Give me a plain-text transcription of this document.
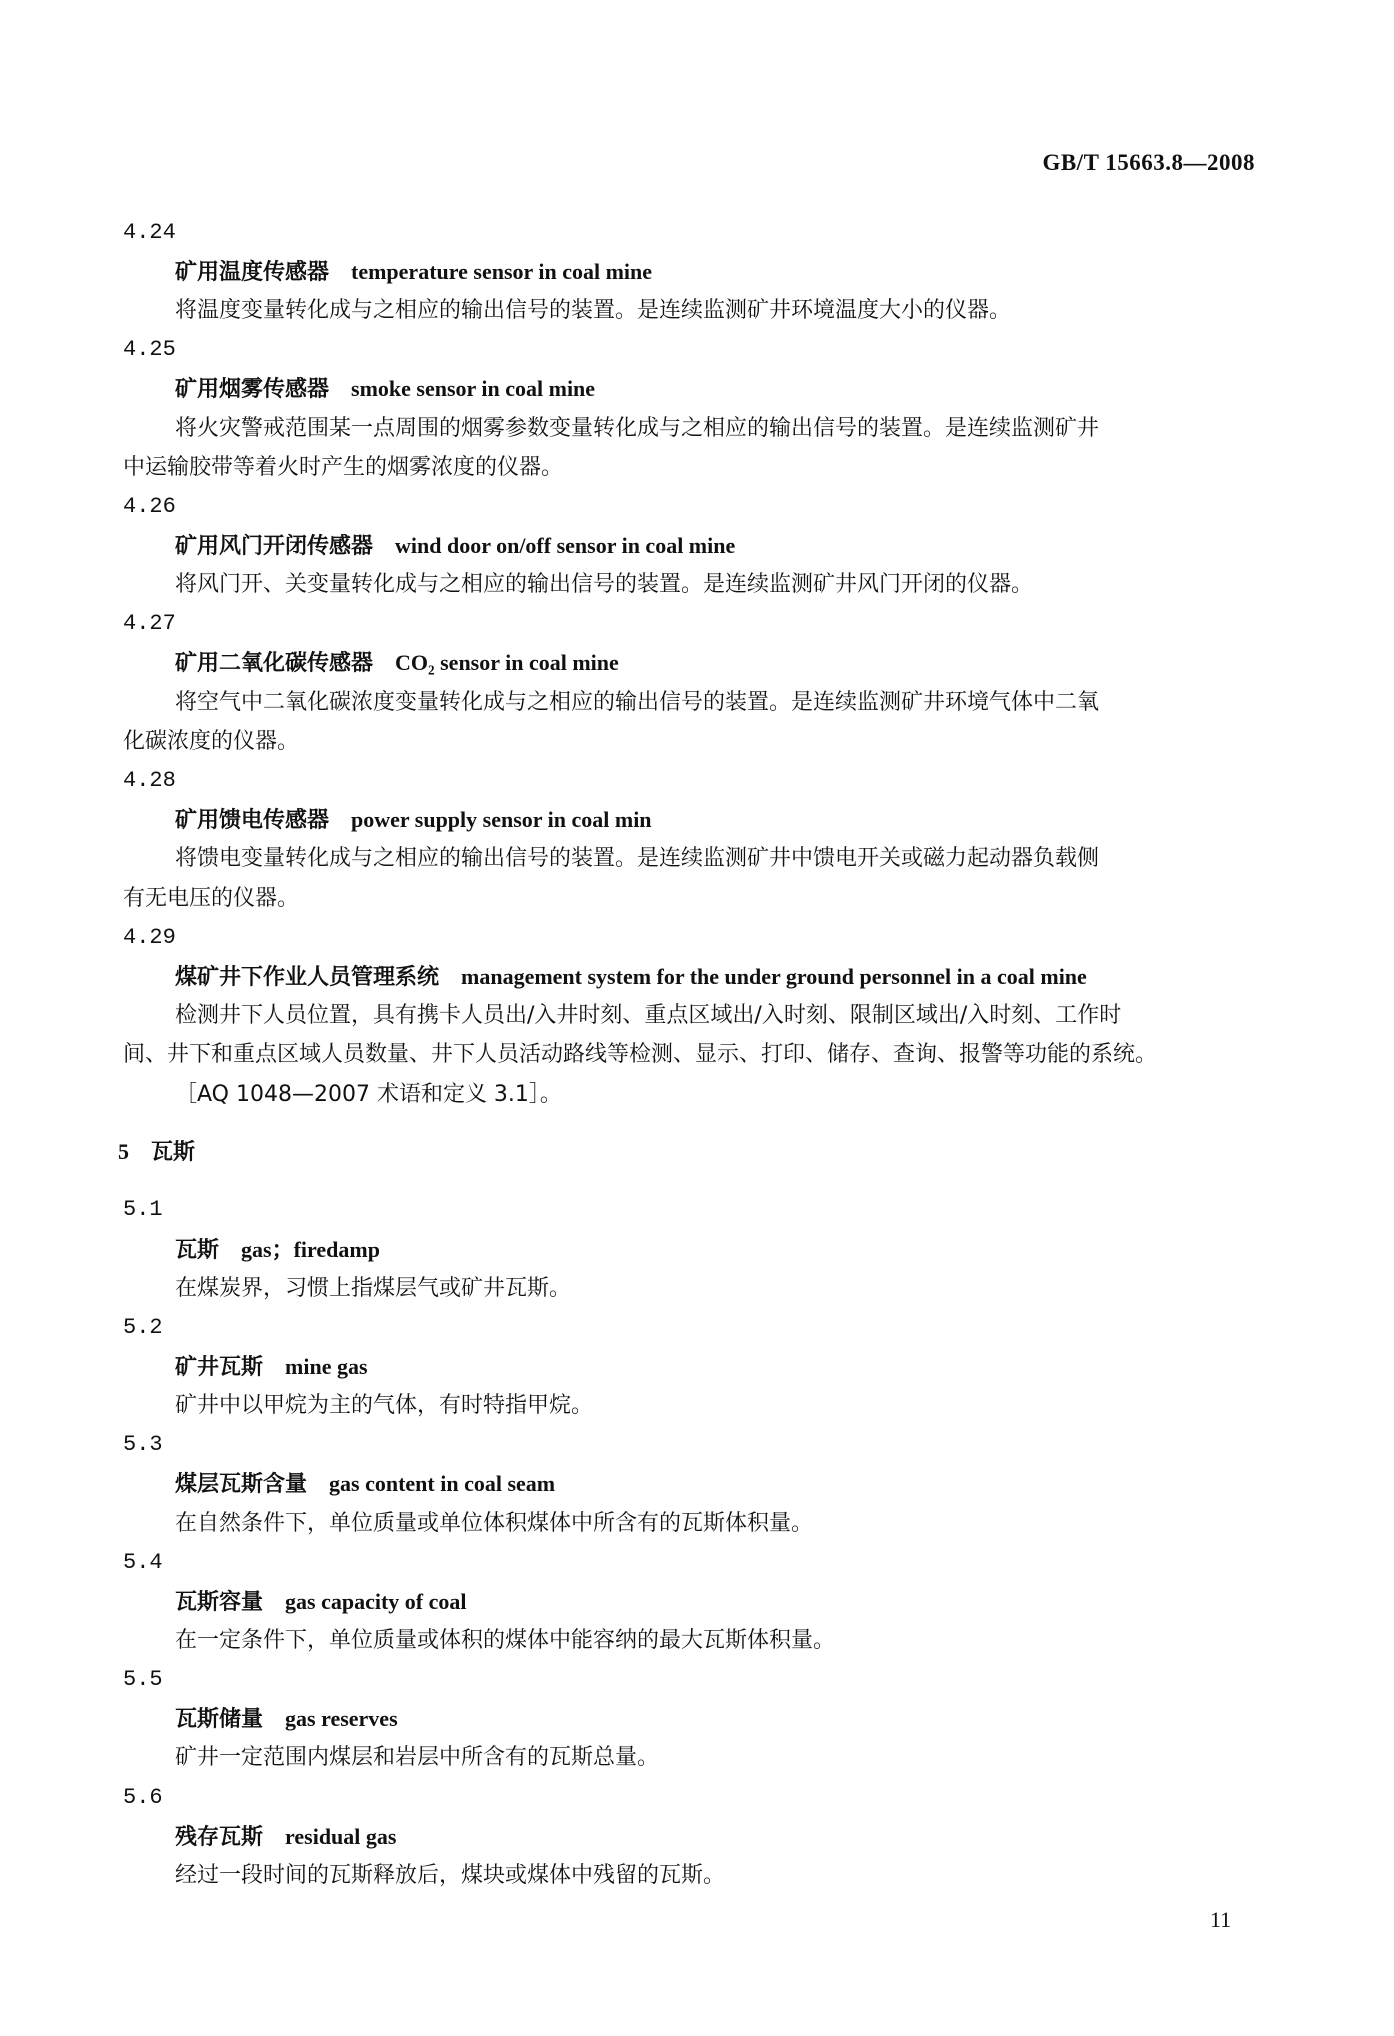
GB/T 15663.8—2008
4.24
矿用温度传感器 temperature sensor in coal mine
将温度变量转化成与之相应的输出信号的装置。是连续监测矿井环境温度大小的仪器。
4.25
矿用烟雾传感器 smoke sensor in coal mine
将火灾警戒范围某一点周围的烟雾参数变量转化成与之相应的输出信号的装置。是连续监测矿井
中运输胶带等着火时产生的烟雾浓度的仪器。
4.26
矿用风门开闭传感器 wind door on/off sensor in coal mine
将风门开、关变量转化成与之相应的输出信号的装置。是连续监测矿井风门开闭的仪器。
4.27
矿用二氧化碳传感器 CO₂ sensor in coal mine
将空气中二氧化碳浓度变量转化成与之相应的输出信号的装置。是连续监测矿井环境气体中二氧
化碳浓度的仪器。
4.28
矿用馈电传感器 power supply sensor in coal min
将馈电变量转化成与之相应的输出信号的装置。是连续监测矿井中馈电开关或磁力起动器负载侧
有无电压的仪器。
4.29
煤矿井下作业人员管理系统 management system for the under ground personnel in a coal mine
检测井下人员位置，具有携卡人员出/入井时刻、重点区域出/入时刻、限制区域出/入时刻、工作时
间、井下和重点区域人员数量、井下人员活动路线等检测、显示、打印、储存、查询、报警等功能的系统。
［AQ 1048—2007 术语和定义 3.1］。
5 瓦斯
5.1
瓦斯 gas；firedamp
在煤炭界，习惯上指煤层气或矿井瓦斯。
5.2
矿井瓦斯 mine gas
矿井中以甲烷为主的气体，有时特指甲烷。
5.3
煤层瓦斯含量 gas content in coal seam
在自然条件下，单位质量或单位体积煤体中所含有的瓦斯体积量。
5.4
瓦斯容量 gas capacity of coal
在一定条件下，单位质量或体积的煤体中能容纳的最大瓦斯体积量。
5.5
瓦斯储量 gas reserves
矿井一定范围内煤层和岩层中所含有的瓦斯总量。
5.6
残存瓦斯 residual gas
经过一段时间的瓦斯释放后，煤块或煤体中残留的瓦斯。
11
